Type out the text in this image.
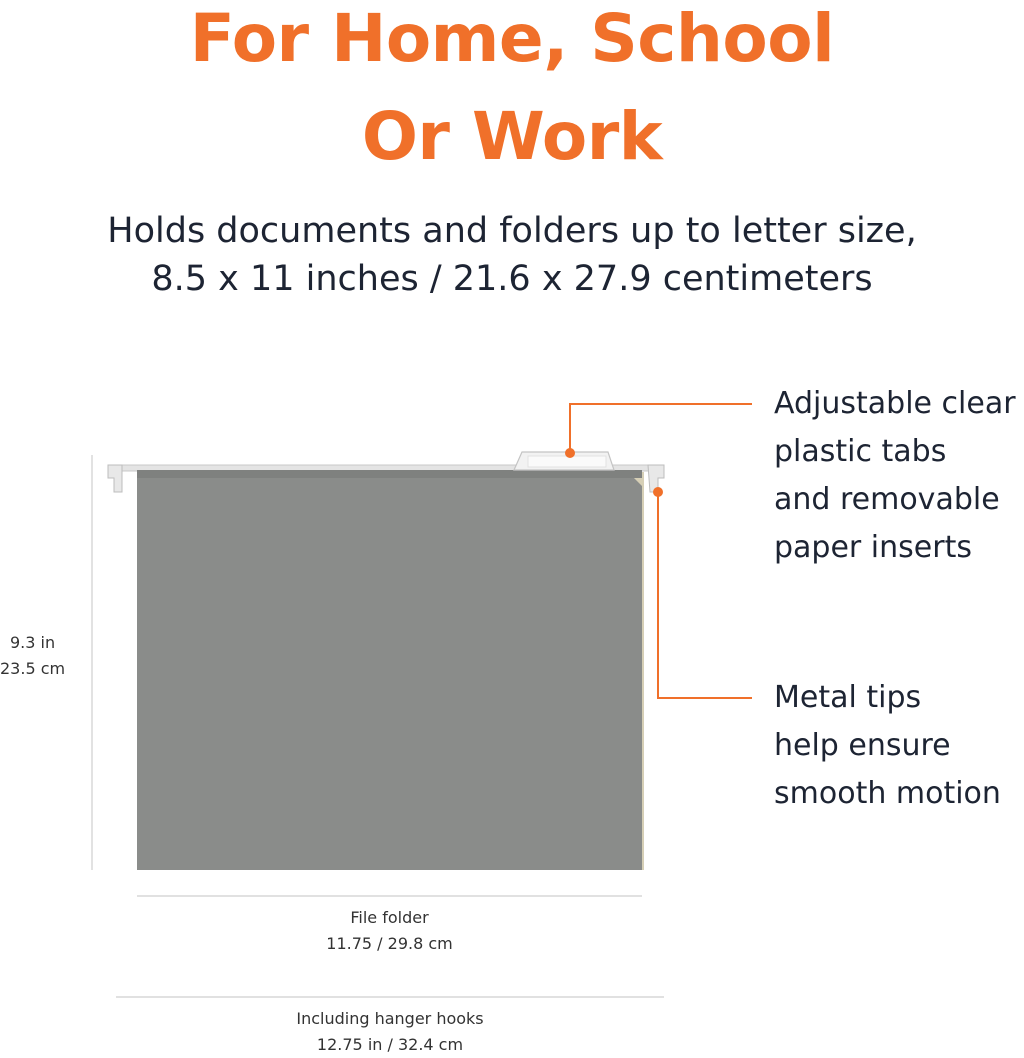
For Home, School
Or Work
Holds documents and folders up to letter size,
8.5 x 11 inches / 21.6 x 27.9 centimeters
9.3 in
23.5 cm
File folder
11.75 / 29.8 cm
Including hanger hooks
12.75 in / 32.4 cm
Adjustable clear
plastic tabs
and removable
paper inserts
Metal tips
help ensure
smooth motion
